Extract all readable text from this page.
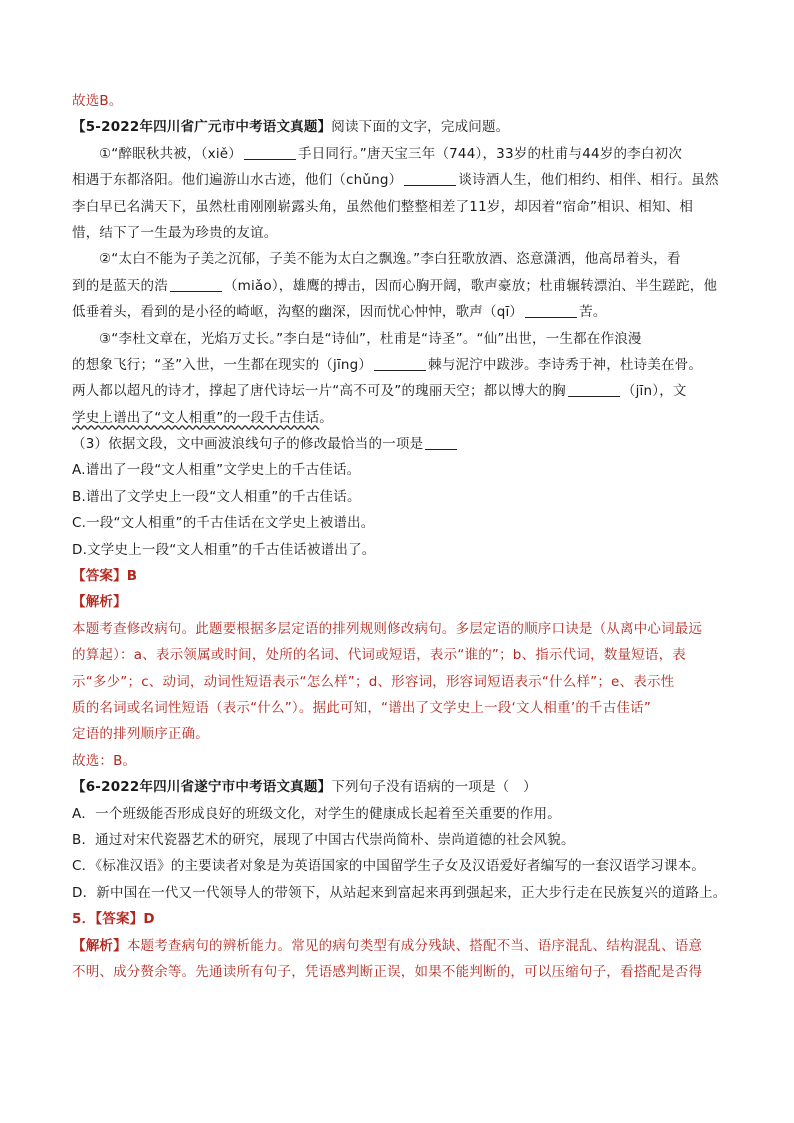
故选B。
【5-2022年四川省广元市中考语文真题】阅读下面的文字，完成问题。
①“醉眠秋共被，（xiě）	手日同行。”唐天宝三年（744），33岁的杜甫与44岁的李白初次
相遇于东都洛阳。他们遍游山水古迹，他们（chǔng）	谈诗酒人生，他们相约、相伴、相行。虽然
李白早已名满天下，虽然杜甫刚刚崭露头角，虽然他们整整相差了11岁，却因着“宿命”相识、相知、相
惜，结下了一生最为珍贵的友谊。
②“太白不能为子美之沉郁，子美不能为太白之飘逸。”李白狂歌放酒、恣意潇洒，他高昂着头，看
到的是蓝天的浩	（miǎo），雄鹰的搏击，因而心胸开阔，歌声豪放；杜甫辗转漂泊、半生蹉跎，他
低垂着头，看到的是小径的崎岖，沟壑的幽深，因而忧心忡忡，歌声（qī）	苦。
③“李杜文章在，光焰万丈长。”李白是“诗仙”，杜甫是“诗圣”。“仙”出世，一生都在作浪漫
的想象飞行；“圣”入世，一生都在现实的（jīng）	棘与泥泞中跋涉。李诗秀于神，杜诗美在骨。
两人都以超凡的诗才，撑起了唐代诗坛一片“高不可及”的瑰丽天空；都以博大的胸	（jīn），文
学史上谱出了“文人相重”的一段千古佳话。
（3）依据文段，文中画波浪线句子的修改最恰当的一项是
A.谱出了一段“文人相重”文学史上的千古佳话。
B.谱出了文学史上一段“文人相重”的千古佳话。
C.一段“文人相重”的千古佳话在文学史上被谱出。
D.文学史上一段“文人相重”的千古佳话被谱出了。
【答案】B
【解析】
本题考查修改病句。此题要根据多层定语的排列规则修改病句。多层定语的顺序口诀是（从离中心词最远
的算起）：a、表示领属或时间，处所的名词、代词或短语，表示“谁的”；b、指示代词，数量短语，表
示“多少”；c、动词，动词性短语表示“怎么样”；d、形容词，形容词短语表示“什么样”；e、表示性
质的名词或名词性短语（表示“什么”）。据此可知，“谱出了文学史上一段‘文人相重’的千古佳话”
定语的排列顺序正确。
故选：B。
【6-2022年四川省遂宁市中考语文真题】下列句子没有语病的一项是（　）
A．一个班级能否形成良好的班级文化，对学生的健康成长起着至关重要的作用。
B．通过对宋代瓷器艺术的研究，展现了中国古代崇尚简朴、崇尚道德的社会风貌。
C．《标准汉语》的主要读者对象是为英语国家的中国留学生子女及汉语爱好者编写的一套汉语学习课本。
D．新中国在一代又一代领导人的带领下，从站起来到富起来再到强起来，正大步行走在民族复兴的道路上。
5．【答案】D
【解析】本题考查病句的辨析能力。常见的病句类型有成分残缺、搭配不当、语序混乱、结构混乱、语意
不明、成分赘余等。先通读所有句子，凭语感判断正误，如果不能判断的，可以压缩句子，看搭配是否得
